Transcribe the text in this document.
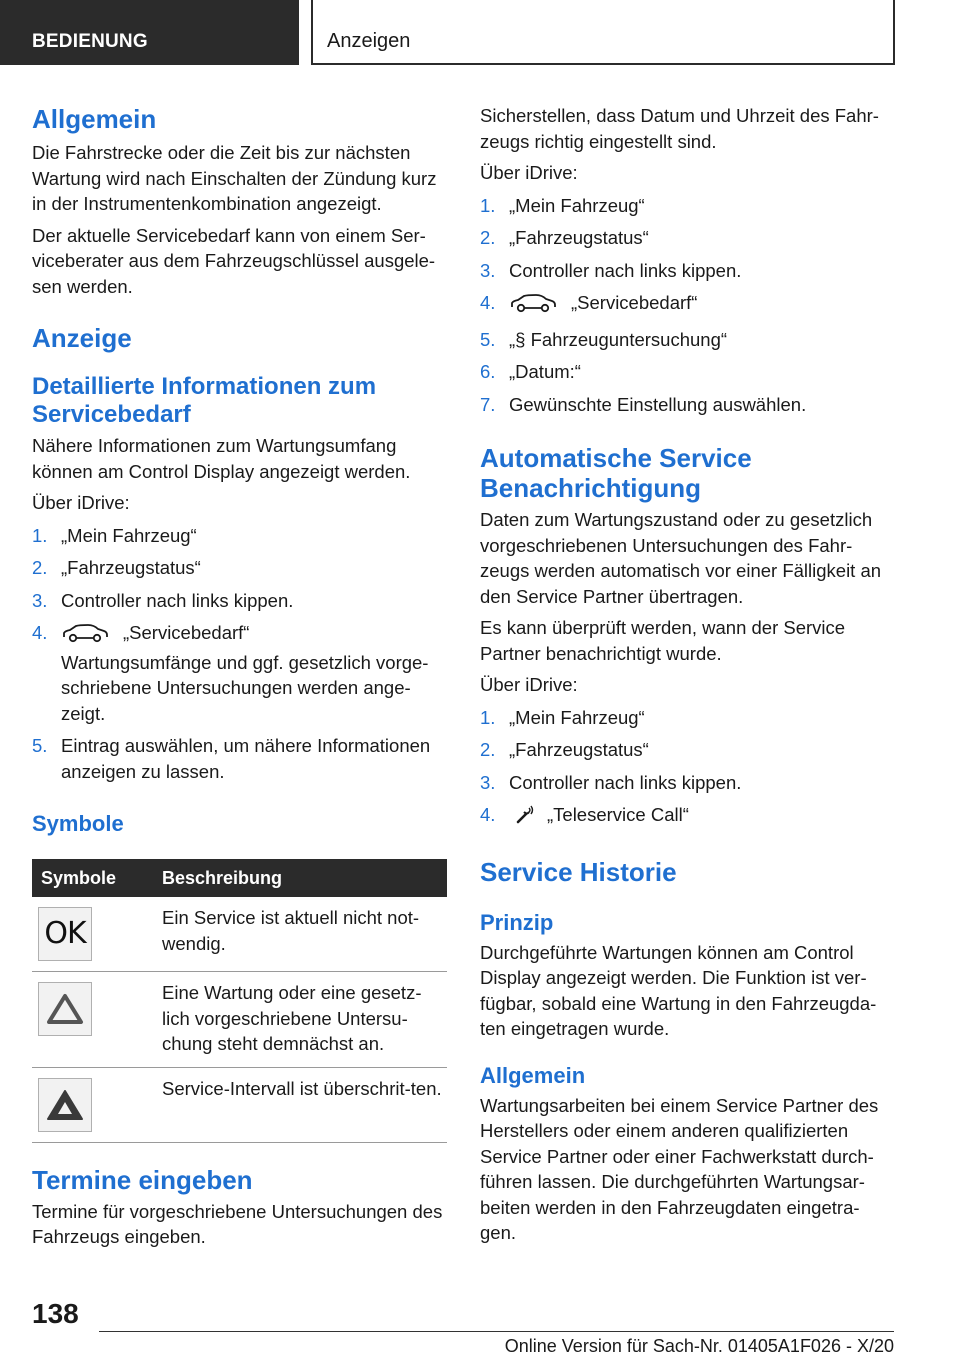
BEDIENUNG	Anzeigen
Allgemein

Die Fahrstrecke oder die Zeit bis zur nächsten Wartung wird nach Einschalten der Zündung kurz in der Instrumentenkombination angezeigt.

Der aktuelle Servicebedarf kann von einem Ser-viceberater aus dem Fahrzeugschlüssel ausgele-sen werden.

Anzeige
Detaillierte Informationen zum Servicebedarf

Nähere Informationen zum Wartungsumfang können am Control Display angezeigt werden.

Über iDrive:

1. „Mein Fahrzeug“
2. „Fahrzeugstatus“
3. Controller nach links kippen.
4.	„Servicebedarf“
Wartungsumfänge und ggf. gesetzlich vorge-schriebene Untersuchungen werden ange-zeigt.
5. Eintrag auswählen, um nähere Informationen anzeigen zu lassen.
Symbole
Symbole	Beschreibung

OK	Ein Service ist aktuell nicht not-wendig.

	Eine Wartung oder eine gesetz-lich vorgeschriebene Untersu-chung steht demnächst an.

	Service-Intervall ist überschrit-ten.
Termine eingeben

Termine für vorgeschriebene Untersuchungen des Fahrzeugs eingeben.

Sicherstellen, dass Datum und Uhrzeit des Fahr-zeugs richtig eingestellt sind.

Über iDrive:

1. „Mein Fahrzeug“
2. „Fahrzeugstatus“
3. Controller nach links kippen.
4.	„Servicebedarf“
5. „§ Fahrzeuguntersuchung“
6. „Datum:“
7. Gewünschte Einstellung auswählen.
Automatische Service Benachrichtigung

Daten zum Wartungszustand oder zu gesetzlich vorgeschriebenen Untersuchungen des Fahr-zeugs werden automatisch vor einer Fälligkeit an den Service Partner übertragen.

Es kann überprüft werden, wann der Service Partner benachrichtigt wurde.

Über iDrive:

1. „Mein Fahrzeug“
2. „Fahrzeugstatus“
3. Controller nach links kippen.
4.	„Teleservice Call“
Service Historie
Prinzip

Durchgeführte Wartungen können am Control Display angezeigt werden. Die Funktion ist ver-fügbar, sobald eine Wartung in den Fahrzeugda-ten eingetragen wurde.

Allgemein

Wartungsarbeiten bei einem Service Partner des Herstellers oder einem anderen qualifizierten Service Partner oder einer Fachwerkstatt durch-führen lassen. Die durchgeführten Wartungsar-beiten werden in den Fahrzeugdaten eingetra-gen.

138
Online Version für Sach-Nr. 01405A1F026 - X/20
